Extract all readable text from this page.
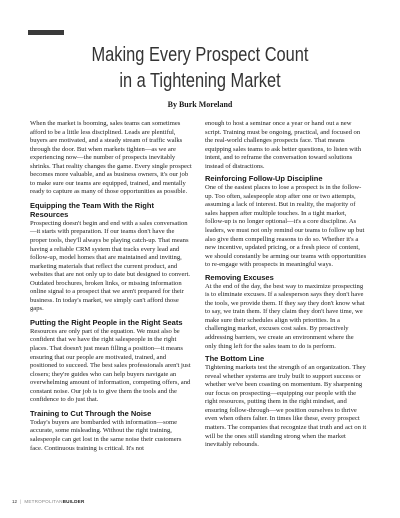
Making Every Prospect Count
in a Tightening Market
By Burk Moreland

When the market is booming, sales teams can sometimes afford to be a little less disciplined. Leads are plentiful, buyers are motivated, and a steady stream of traffic walks through the door. But when markets tighten—as we are experiencing now—the number of prospects inevitably shrinks. That reality changes the game. Every single prospect becomes more valuable, and as business owners, it's our job to make sure our teams are equipped, trained, and mentally ready to capture as many of those opportunities as possible.

Equipping the Team With the Right Resources

Prospecting doesn't begin and end with a sales conversation—it starts with preparation. If our teams don't have the proper tools, they'll always be playing catch-up. That means having a reliable CRM system that tracks every lead and follow-up, model homes that are maintained and inviting, marketing materials that reflect the current product, and websites that are not only up to date but designed to convert. Outdated brochures, broken links, or missing information online signal to a prospect that we aren't prepared for their business. In today's market, we simply can't afford those gaps.

Putting the Right People in the Right Seats

Resources are only part of the equation. We must also be confident that we have the right salespeople in the right places. That doesn't just mean filling a position—it means ensuring that our people are motivated, trained, and positioned to succeed. The best sales professionals aren't just closers; they're guides who can help buyers navigate an overwhelming amount of information, competing offers, and constant noise. Our job is to give them the tools and the confidence to do just that.

Training to Cut Through the Noise

Today's buyers are bombarded with information—some accurate, some misleading. Without the right training, salespeople can get lost in the same noise their customers face. Continuous training is critical. It's not

enough to host a seminar once a year or hand out a new script. Training must be ongoing, practical, and focused on the real-world challenges prospects face. That means equipping sales teams to ask better questions, to listen with intent, and to reframe the conversation toward solutions instead of distractions.

Reinforcing Follow-Up Discipline

One of the easiest places to lose a prospect is in the follow-up. Too often, salespeople stop after one or two attempts, assuming a lack of interest. But in reality, the majority of sales happen after multiple touches. In a tight market, follow-up is no longer optional—it's a core discipline. As leaders, we must not only remind our teams to follow up but also give them compelling reasons to do so. Whether it's a new incentive, updated pricing, or a fresh piece of content, we should constantly be arming our teams with opportunities to re-engage with prospects in meaningful ways.

Removing Excuses

At the end of the day, the best way to maximize prospecting is to eliminate excuses. If a salesperson says they don't have the tools, we provide them. If they say they don't know what to say, we train them. If they claim they don't have time, we make sure their schedules align with priorities. In a challenging market, excuses cost sales. By proactively addressing barriers, we create an environment where the only thing left for the sales team to do is perform.

The Bottom Line

Tightening markets test the strength of an organization. They reveal whether systems are truly built to support success or whether we've been coasting on momentum. By sharpening our focus on prospecting—equipping our people with the right resources, putting them in the right mindset, and ensuring follow-through—we position ourselves to thrive even when others falter. In times like these, every prospect matters. The companies that recognize that truth and act on it will be the ones still standing strong when the market inevitably rebounds.

12 | METROPOLITANBUILDER
